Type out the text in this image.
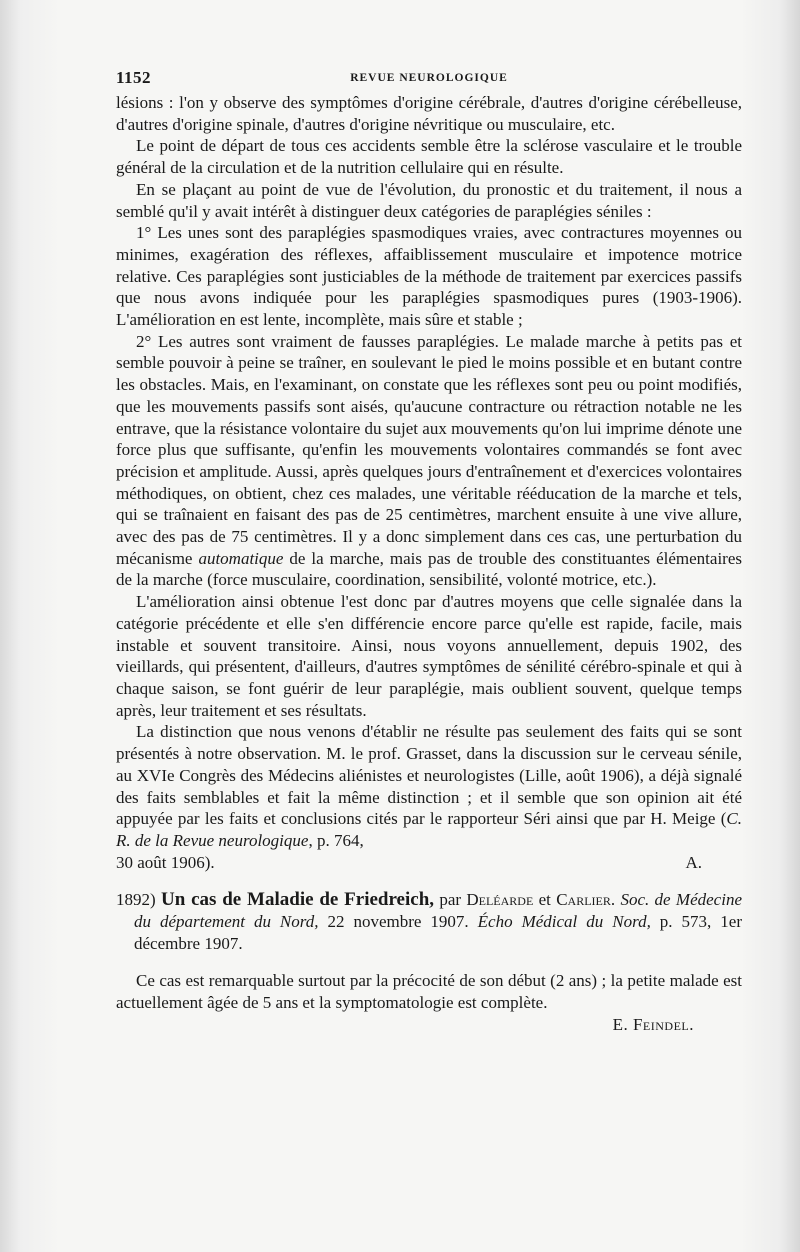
1152	REVUE NEUROLOGIQUE

lésions : l'on y observe des symptômes d'origine cérébrale, d'autres d'origine cérébelleuse, d'autres d'origine spinale, d'autres d'origine névritique ou musculaire, etc.

Le point de départ de tous ces accidents semble être la sclérose vasculaire et le trouble général de la circulation et de la nutrition cellulaire qui en résulte.

En se plaçant au point de vue de l'évolution, du pronostic et du traitement, il nous a semblé qu'il y avait intérêt à distinguer deux catégories de paraplégies séniles :

1° Les unes sont des paraplégies spasmodiques vraies, avec contractures moyennes ou minimes, exagération des réflexes, affaiblissement musculaire et impotence motrice relative. Ces paraplégies sont justiciables de la méthode de traitement par exercices passifs que nous avons indiquée pour les paraplégies spasmodiques pures (1903-1906). L'amélioration en est lente, incomplète, mais sûre et stable ;

2° Les autres sont vraiment de fausses paraplégies. Le malade marche à petits pas et semble pouvoir à peine se traîner, en soulevant le pied le moins possible et en butant contre les obstacles. Mais, en l'examinant, on constate que les réflexes sont peu ou point modifiés, que les mouvements passifs sont aisés, qu'aucune contracture ou rétraction notable ne les entrave, que la résistance volontaire du sujet aux mouvements qu'on lui imprime dénote une force plus que suffisante, qu'enfin les mouvements volontaires commandés se font avec précision et amplitude. Aussi, après quelques jours d'entraînement et d'exercices volontaires méthodiques, on obtient, chez ces malades, une véritable rééducation de la marche et tels, qui se traînaient en faisant des pas de 25 centimètres, marchent ensuite à une vive allure, avec des pas de 75 centimètres. Il y a donc simplement dans ces cas, une perturbation du mécanisme automatique de la marche, mais pas de trouble des constituantes élémentaires de la marche (force musculaire, coordination, sensibilité, volonté motrice, etc.).

L'amélioration ainsi obtenue l'est donc par d'autres moyens que celle signalée dans la catégorie précédente et elle s'en différencie encore parce qu'elle est rapide, facile, mais instable et souvent transitoire. Ainsi, nous voyons annuellement, depuis 1902, des vieillards, qui présentent, d'ailleurs, d'autres symptômes de sénilité cérébro-spinale et qui à chaque saison, se font guérir de leur paraplégie, mais oublient souvent, quelque temps après, leur traitement et ses résultats.

La distinction que nous venons d'établir ne résulte pas seulement des faits qui se sont présentés à notre observation. M. le prof. Grasset, dans la discussion sur le cerveau sénile, au XVIe Congrès des Médecins aliénistes et neurologistes (Lille, août 1906), a déjà signalé des faits semblables et fait la même distinction ; et il semble que son opinion ait été appuyée par les faits et conclusions cités par le rapporteur Séri ainsi que par H. Meige (C. R. de la Revue neurologique, p. 764,

30 août 1906).	A.
1892) Un cas de Maladie de Friedreich, par Deléarde et Carlier. Soc. de Médecine du département du Nord, 22 novembre 1907. Écho Médical du Nord, p. 573, 1er décembre 1907.

Ce cas est remarquable surtout par la précocité de son début (2 ans) ; la petite malade est actuellement âgée de 5 ans et la symptomatologie est complète.

E. Feindel.
